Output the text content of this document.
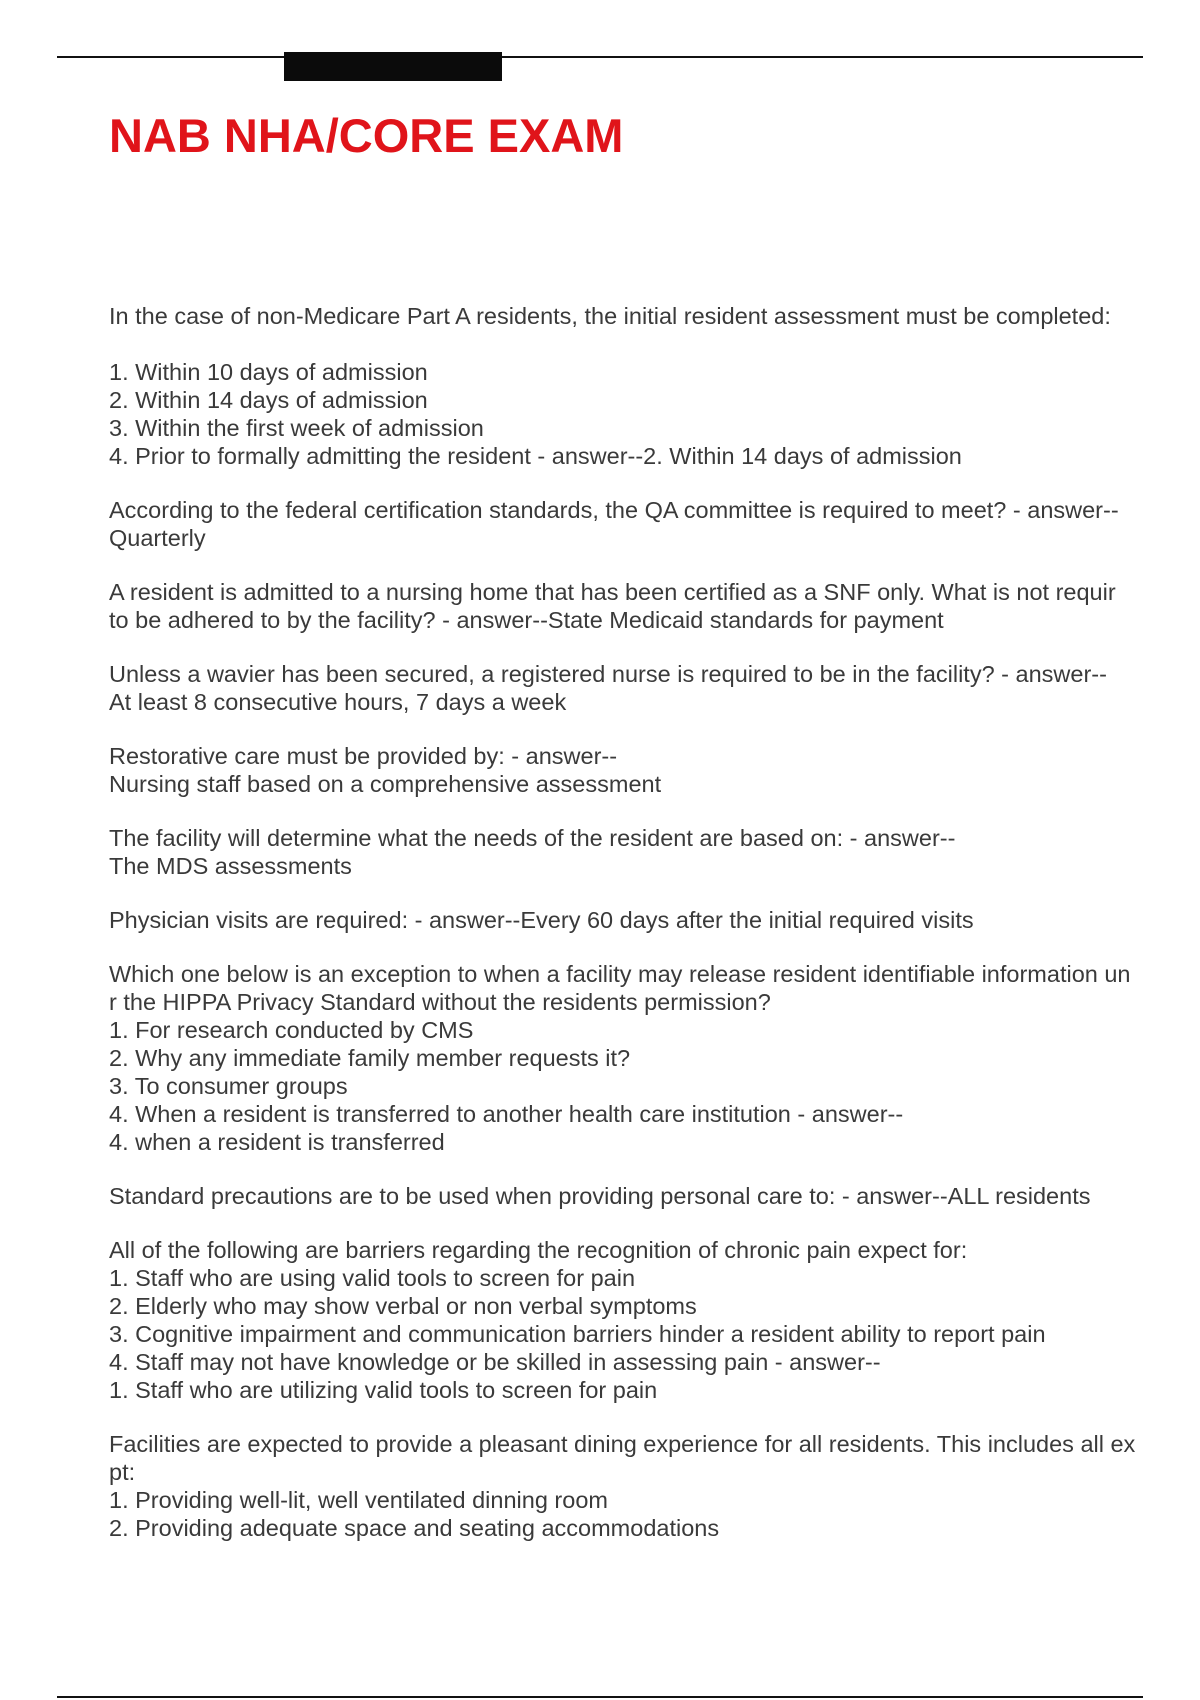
NAB NHA/CORE EXAM
In the case of non-Medicare Part A residents, the initial resident assessment must be completed:
1. Within 10 days of admission
2. Within 14 days of admission
3. Within the first week of admission
4. Prior to formally admitting the resident - answer--2. Within 14 days of admission
According to the federal certification standards, the QA committee is required to meet? - answer--
Quarterly
A resident is admitted to a nursing home that has been certified as a SNF only. What is not requir
to be adhered to by the facility? - answer--State Medicaid standards for payment
Unless a wavier has been secured, a registered nurse is required to be in the facility? - answer--
At least 8 consecutive hours, 7 days a week
Restorative care must be provided by: - answer--
Nursing staff based on a comprehensive assessment
The facility will determine what the needs of the resident are based on: - answer--
The MDS assessments
Physician visits are required: - answer--Every 60 days after the initial required visits
Which one below is an exception to when a facility may release resident identifiable information un
r the HIPPA Privacy Standard without the residents permission?
1. For research conducted by CMS
2. Why any immediate family member requests it?
3. To consumer groups
4. When a resident is transferred to another health care institution - answer--
4. when a resident is transferred
Standard precautions are to be used when providing personal care to: - answer--ALL residents
All of the following are barriers regarding the recognition of chronic pain expect for:
1. Staff who are using valid tools to screen for pain
2. Elderly who may show verbal or non verbal symptoms
3. Cognitive impairment and communication barriers hinder a resident ability to report pain
4. Staff may not have knowledge or be skilled in assessing pain - answer--
1. Staff who are utilizing valid tools to screen for pain
Facilities are expected to provide a pleasant dining experience for all residents. This includes all ex
pt:
1. Providing well-lit, well ventilated dinning room
2. Providing adequate space and seating accommodations
